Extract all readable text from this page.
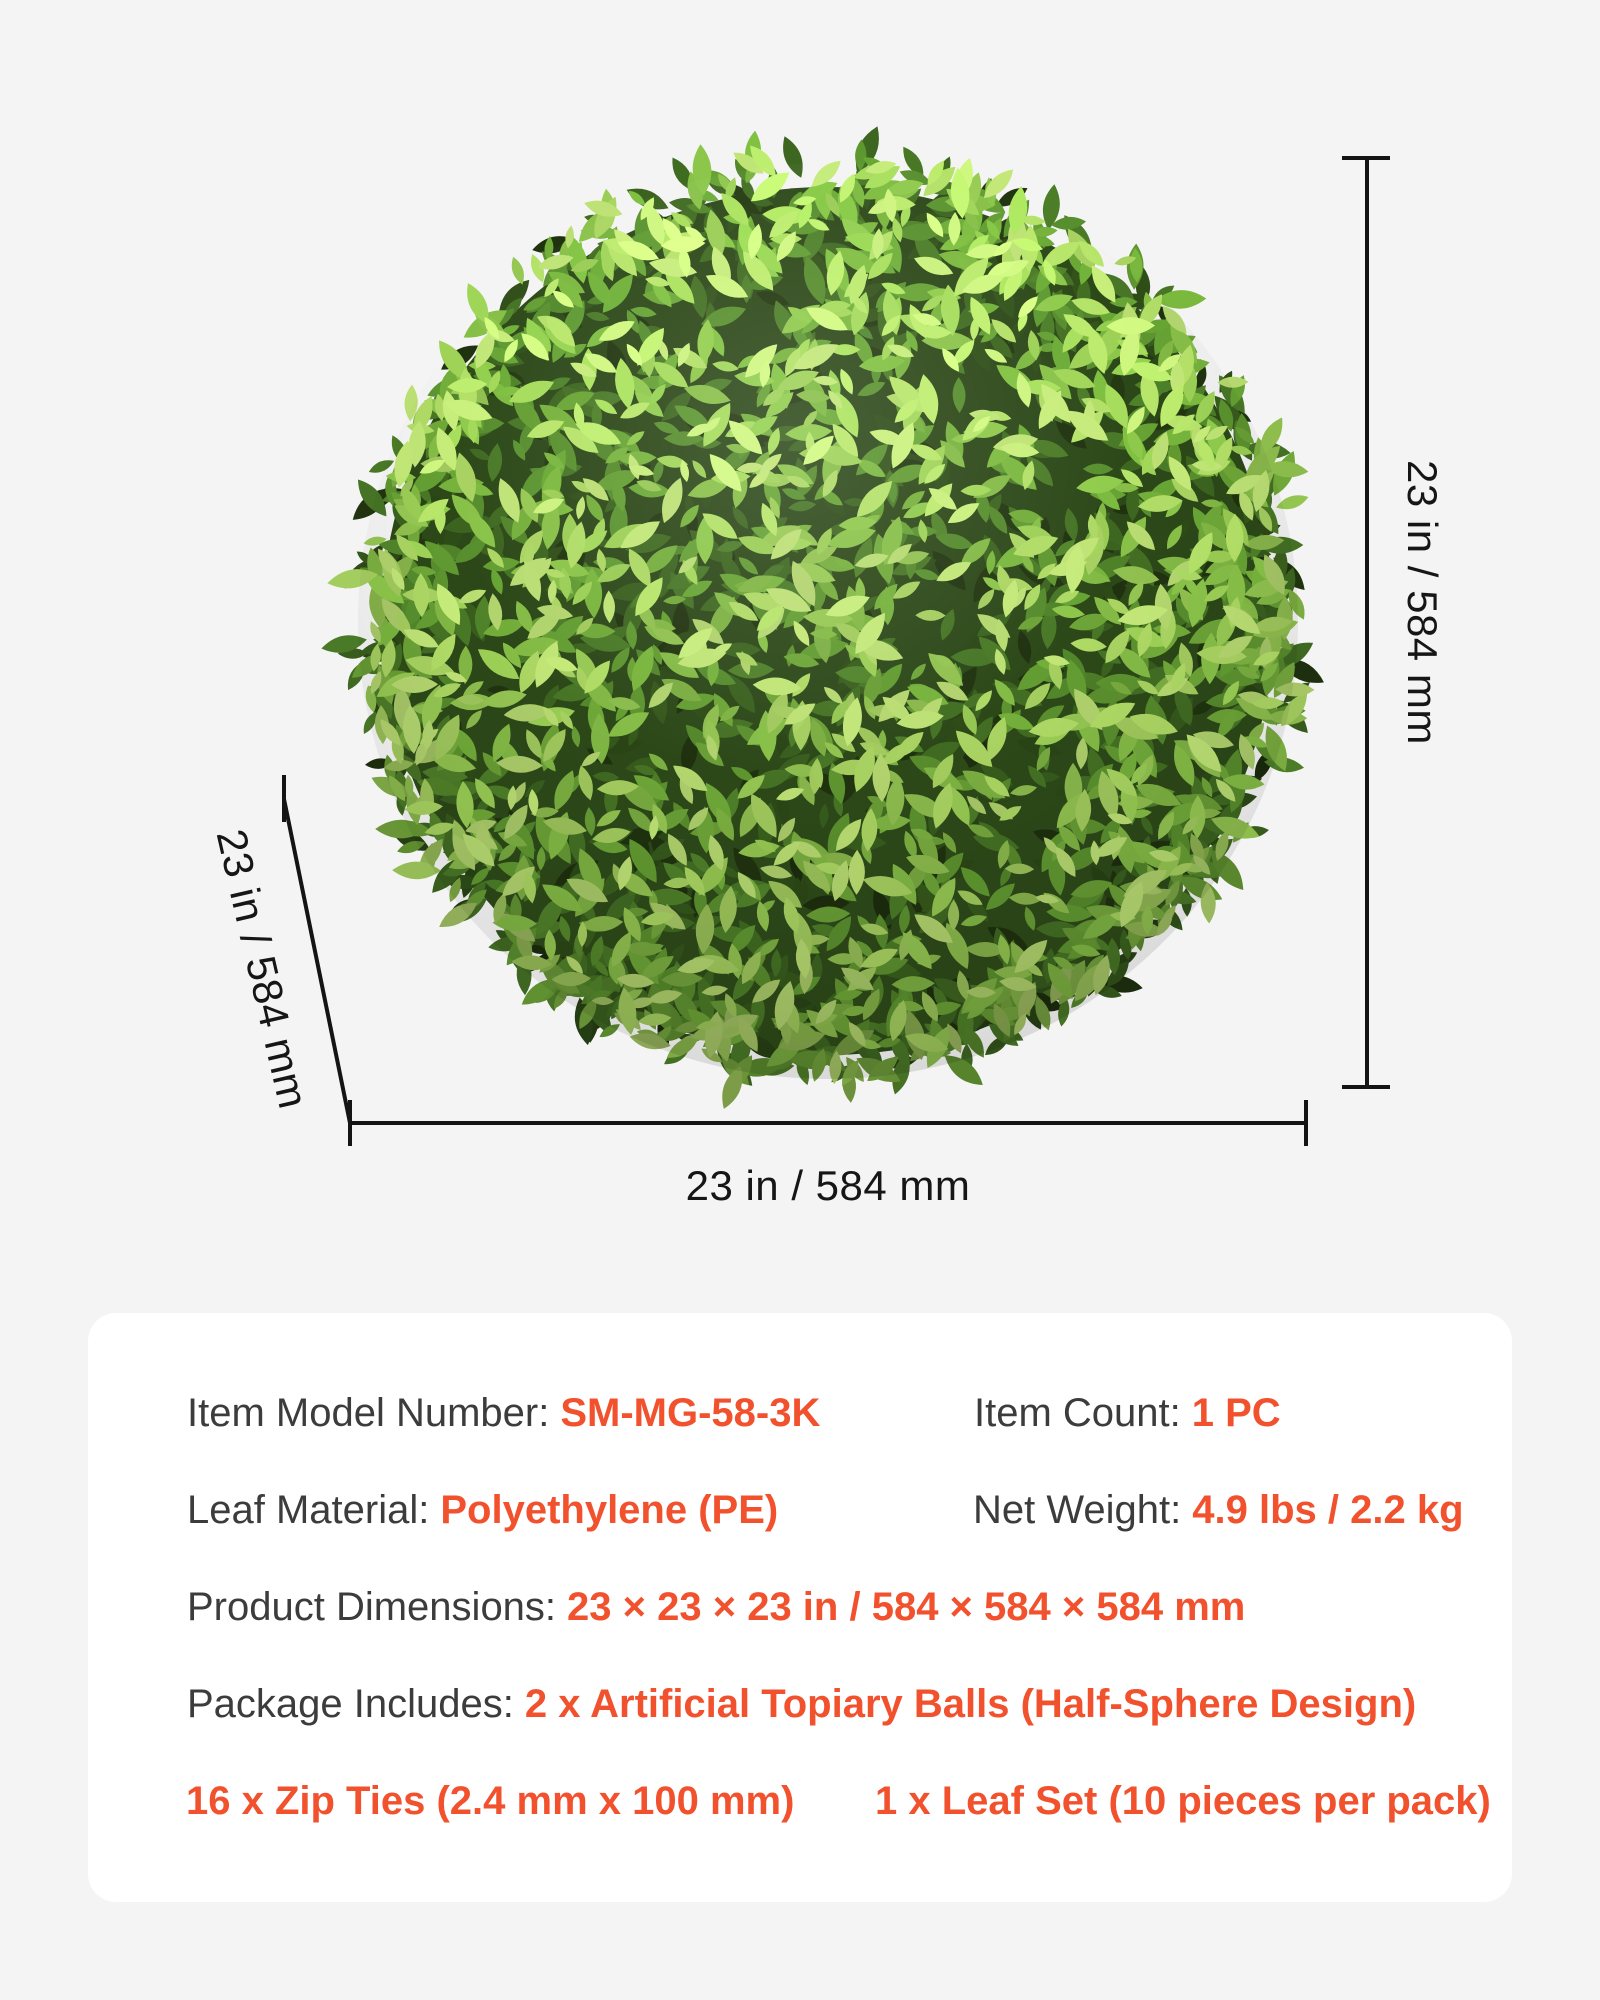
23 in / 584 mm
23 in / 584 mm
23 in / 584 mm
Item Model Number: SM-MG-58-3K	Item Count: 1 PC
Leaf Material: Polyethylene (PE)	Net Weight: 4.9 lbs / 2.2 kg
Product Dimensions: 23 × 23 × 23 in / 584 × 584 × 584 mm
Package Includes: 2 x Artificial Topiary Balls (Half-Sphere Design)
16 x Zip Ties (2.4 mm x 100 mm) 1 x Leaf Set (10 pieces per pack)
